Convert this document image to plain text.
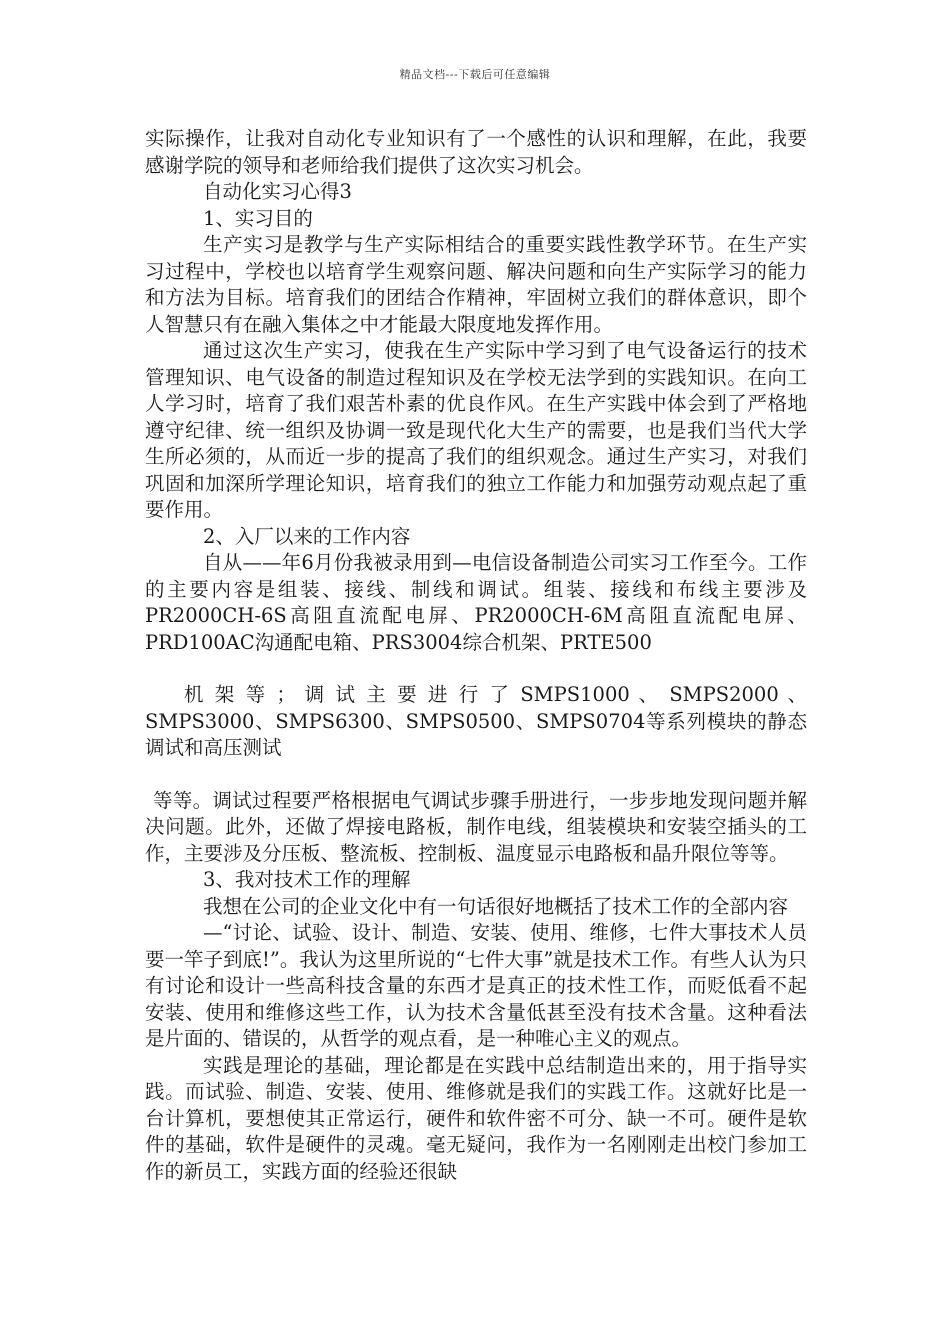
精品文档---下载后可任意编辑

实际操作，让我对自动化专业知识有了一个感性的认识和理解，在此，我要感谢学院的领导和老师给我们提供了这次实习机会。

自动化实习心得3

1、实习目的

生产实习是教学与生产实际相结合的重要实践性教学环节。在生产实习过程中，学校也以培育学生观察问题、解决问题和向生产实际学习的能力和方法为目标。培育我们的团结合作精神，牢固树立我们的群体意识，即个人智慧只有在融入集体之中才能最大限度地发挥作用。

通过这次生产实习，使我在生产实际中学习到了电气设备运行的技术管理知识、电气设备的制造过程知识及在学校无法学到的实践知识。在向工人学习时，培育了我们艰苦朴素的优良作风。在生产实践中体会到了严格地遵守纪律、统一组织及协调一致是现代化大生产的需要，也是我们当代大学生所必须的，从而近一步的提高了我们的组织观念。通过生产实习，对我们巩固和加深所学理论知识，培育我们的独立工作能力和加强劳动观点起了重要作用。

2、入厂以来的工作内容

自从——年6月份我被录用到—电信设备制造公司实习工作至今。工作的主要内容是组装、接线、制线和调试。组装、接线和布线主要涉及PR2000CH-6S高阻直流配电屏、PR2000CH-6M高阻直流配电屏、PRD100AC沟通配电箱、PRS3004综合机架、PRTE500

机 架 等 ； 调 试 主 要 进 行 了 SMPS1000 、 SMPS2000 、SMPS3000、SMPS6300、SMPS0500、SMPS0704等系列模块的静态调试和高压测试

等等。调试过程要严格根据电气调试步骤手册进行，一步步地发现问题并解决问题。此外，还做了焊接电路板，制作电线，组装模块和安装空插头的工作，主要涉及分压板、整流板、控制板、温度显示电路板和晶升限位等等。

3、我对技术工作的理解

我想在公司的企业文化中有一句话很好地概括了技术工作的全部内容

—“讨论、试验、设计、制造、安装、使用、维修，七件大事技术人员要一竿子到底!”。我认为这里所说的“七件大事”就是技术工作。有些人认为只有讨论和设计一些高科技含量的东西才是真正的技术性工作，而贬低看不起安装、使用和维修这些工作，认为技术含量低甚至没有技术含量。这种看法是片面的、错误的，从哲学的观点看，是一种唯心主义的观点。

实践是理论的基础，理论都是在实践中总结制造出来的，用于指导实践。而试验、制造、安装、使用、维修就是我们的实践工作。这就好比是一台计算机，要想使其正常运行，硬件和软件密不可分、缺一不可。硬件是软件的基础，软件是硬件的灵魂。毫无疑问，我作为一名刚刚走出校门参加工作的新员工，实践方面的经验还很缺
